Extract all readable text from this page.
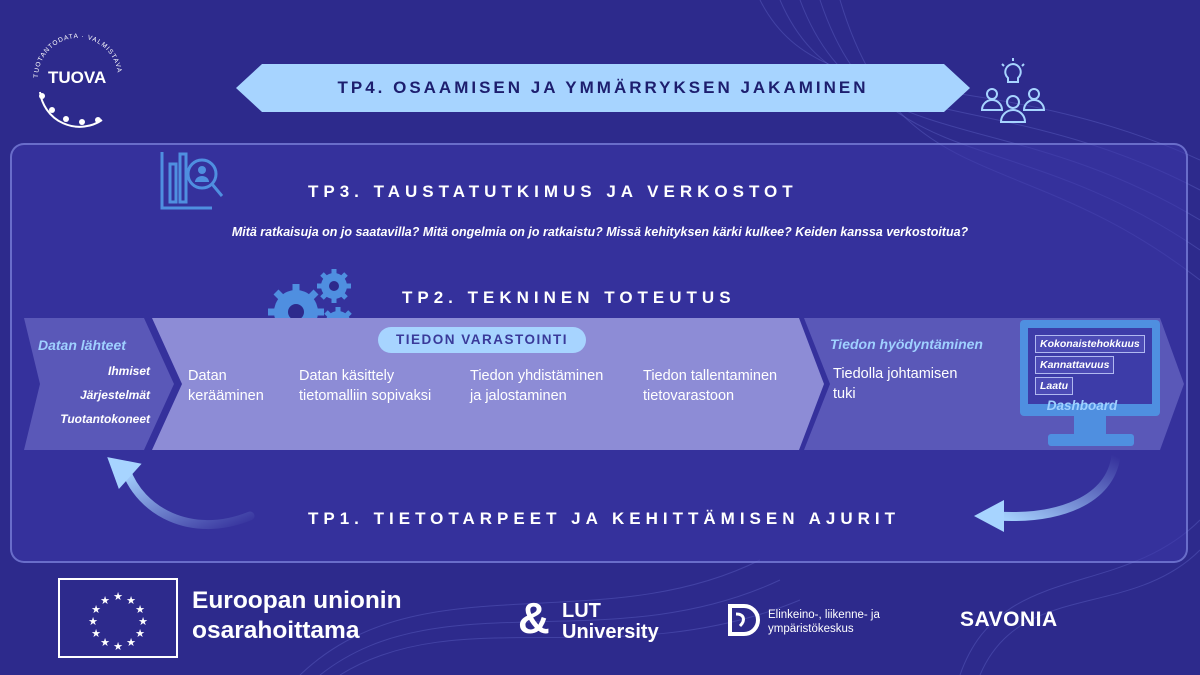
TUOTANTODATA · VALMISTAVA
TUOVA
TP4. OSAAMISEN JA YMMÄRRYKSEN JAKAMINEN
TP3. TAUSTATUTKIMUS JA VERKOSTOT
Mitä ratkaisuja on jo saatavilla? Mitä ongelmia on jo ratkaistu? Missä kehityksen kärki kulkee? Keiden kanssa verkostoitua?
TP2. TEKNINEN TOTEUTUS
Datan lähteet
Ihmiset
Järjestelmät
Tuotantokoneet
TIEDON VARASTOINTI
Datan
kerääminen
Datan käsittely
tietomalliin sopivaksi
Tiedon yhdistäminen
ja jalostaminen
Tiedon tallentaminen
tietovarastoon
Tiedon hyödyntäminen
Tiedolla johtamisen
tuki
Kokonaistehokkuus
Kannattavuus
Laatu
Dashboard
TP1. TIETOTARPEET JA KEHITTÄMISEN AJURIT
★ ★
★
★
★
★
★
★
★
★
★
★	Euroopan unionin
osarahoittama	& LUT
University
Elinkeino-, liikenne- ja
ympäristökeskus	SAVONIA
